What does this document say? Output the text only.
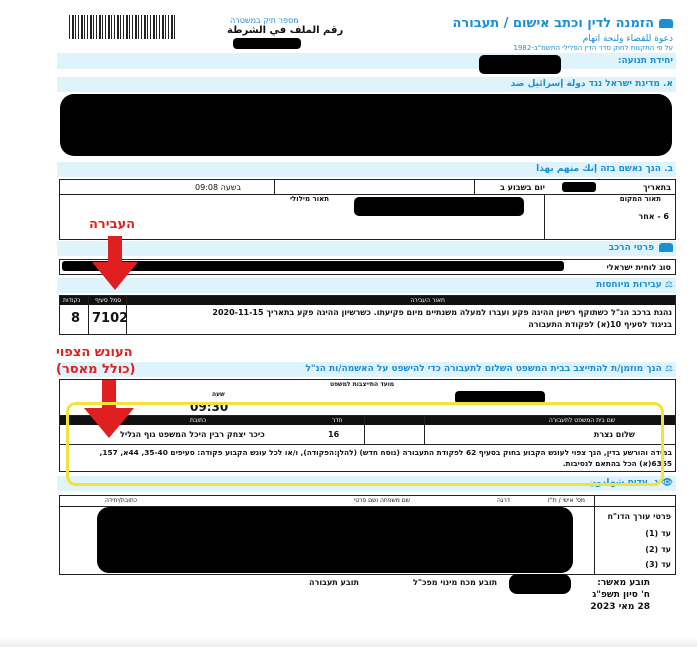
הזמנה לדין וכתב אישום / תעבורה
دعوة للقضاء ولنحة اتهام
על פי התקנות לחוק סדר הדין הפלילי התשמ"ב-1982
מספר תיק במשטרה
رقم الملف في الشرطة
יחידת תנועה:
א. מדינת ישראל נגד دولة إسرائيل ضد
ב. הנך נאשם בזה إنك متهم بهذا
בתאריך
יום בשבוע ב
בשעה 09:08
תאור המקום
תאור מילולי
6 - אחר
פרטי הרכב
סוג לוחית ישראלי
⚖ עבירות מיוחסות
תאור העבירה
סמל סעיף
נקודות
נהגת ברכב הנ"ל כשתוקף רשיון ההיגה פקע ועברו למעלה משנתיים מיום פקיעתו. כשרשיון ההיגה פקע בתאריך 2020-11-15
בניגוד לסעיף 10(א) לפקודת התעבורה
7102
8
⚖ הנך מוזמן/ת להתייצב בבית המשפט השלום לתעבורה כדי להישפט על האשמה/ות הנ"ל
מועד התייצבות למשפט
שעה
09:30
שם בית המשפט לתעבורה
חדר
כתובת
שלום נצרת
16
כיכר יצחק רבין היכל המשפט גוף הגליל
במידה והורשע בדין, הנך צפוי לעונש הקבוע בחוק בסעיף 62 לפקודת התעבורה (נוסח חדש) (להלן:הפקודה), ו/או לכל עונש הקבוע פקודה: סעיפים 35-40, 44א, 157,
6365(א) הכל בהתאם לנסיבות.
👁 ג. עדים شهادون
מס' אישי / ת"ז
דרגה
שם משפחה ושם פרטי
כתובת/יחידה
פרטי עורך הדו"ח
עד (1)
עד (2)
עד (3)
תובע מאשר:
ח' סיון תשפ"ג
28 מאי 2023
תובע מכח מינוי מפכ"ל
תובע תעבורה
העבירה
העונש הצפוי
(כולל מאסר)
